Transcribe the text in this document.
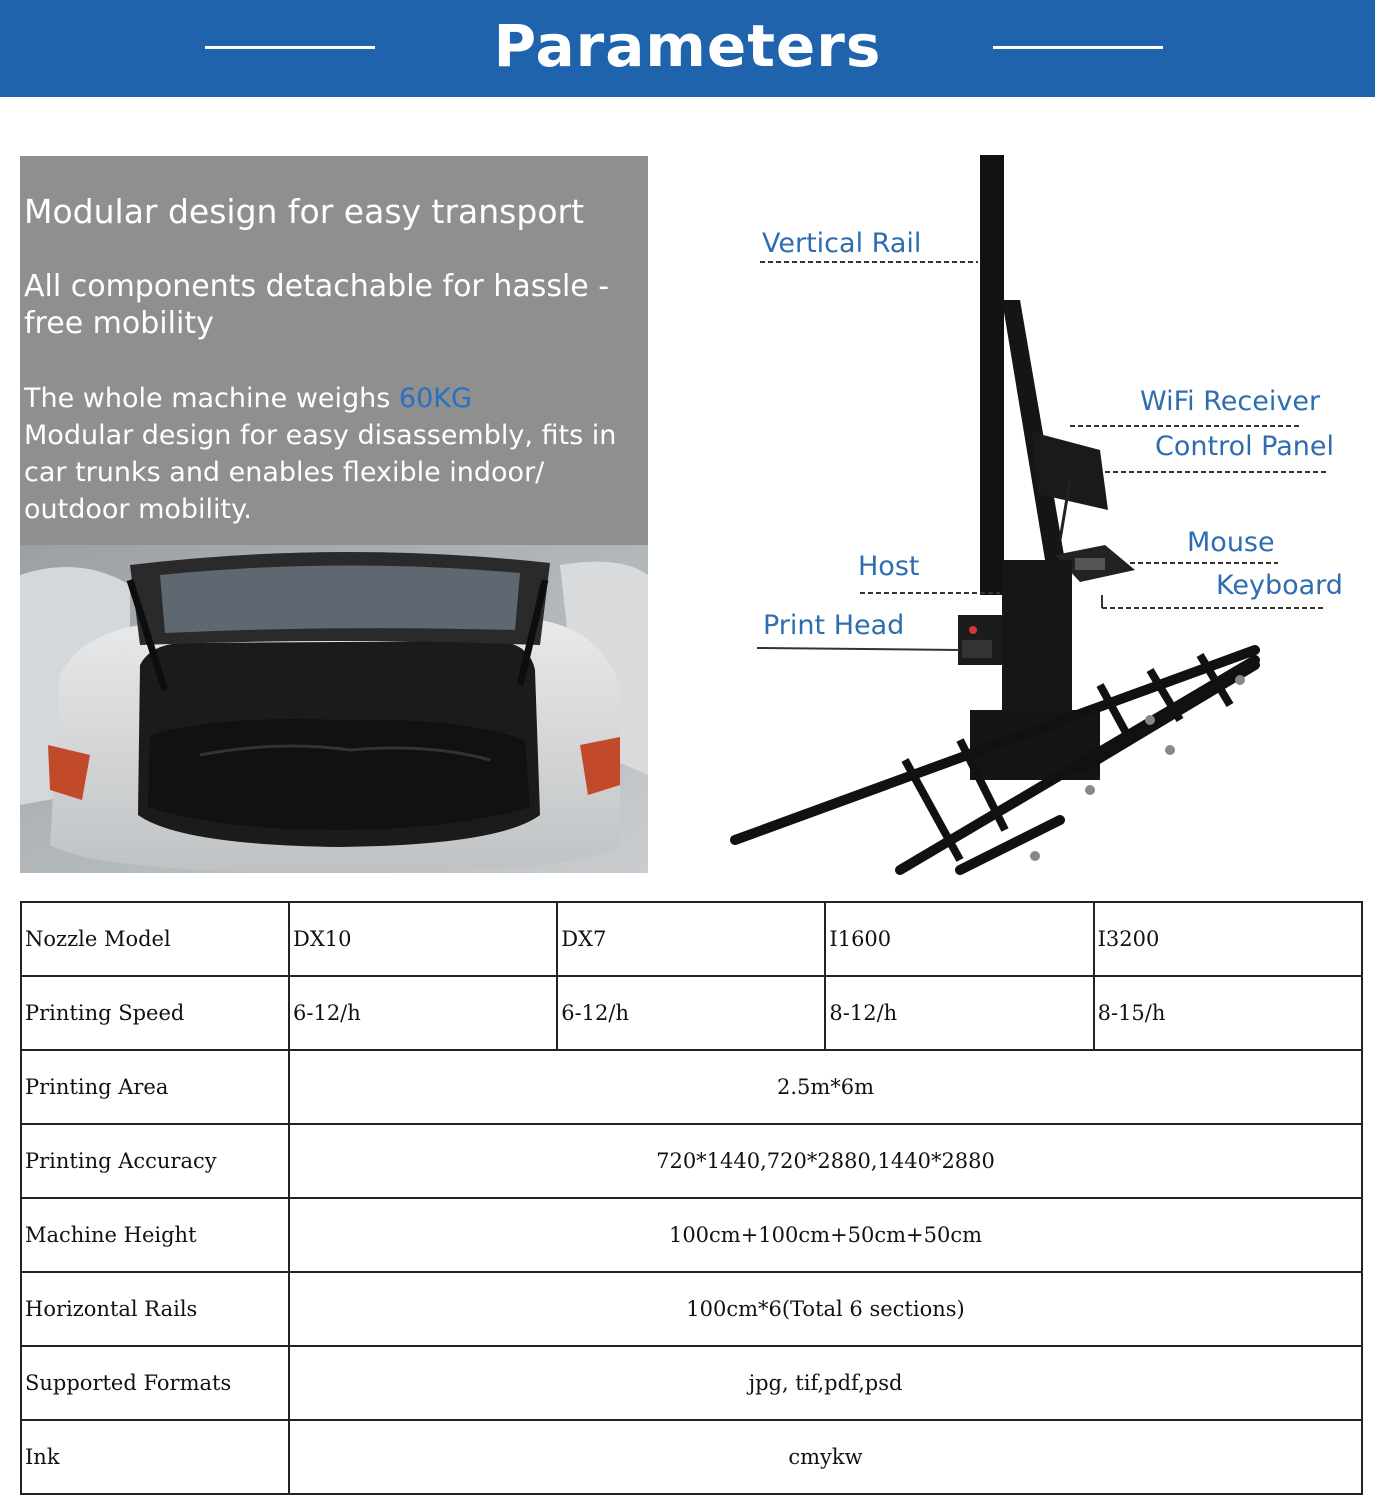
Parameters
Modular design for easy transport
All components detachable for hassle -free mobility
The whole machine weighs 60KG
Modular design for easy disassembly, fits in car trunks and enables flexible indoor/ outdoor mobility.
Vertical Rail
WiFi Receiver
Control Panel
Mouse
Keyboard
Host
Print Head
Nozzle Model	DX10	DX7	I1600	I3200
Printing Speed	6-12/h	6-12/h	8-12/h	8-15/h
Printing Area	2.5m*6m			
Printing Accuracy	720*1440,720*2880,1440*2880			
Machine Height	100cm+100cm+50cm+50cm			
Horizontal Rails	100cm*6(Total 6 sections)			
Supported Formats	jpg, tif,pdf,psd			
Ink	cmykw			
